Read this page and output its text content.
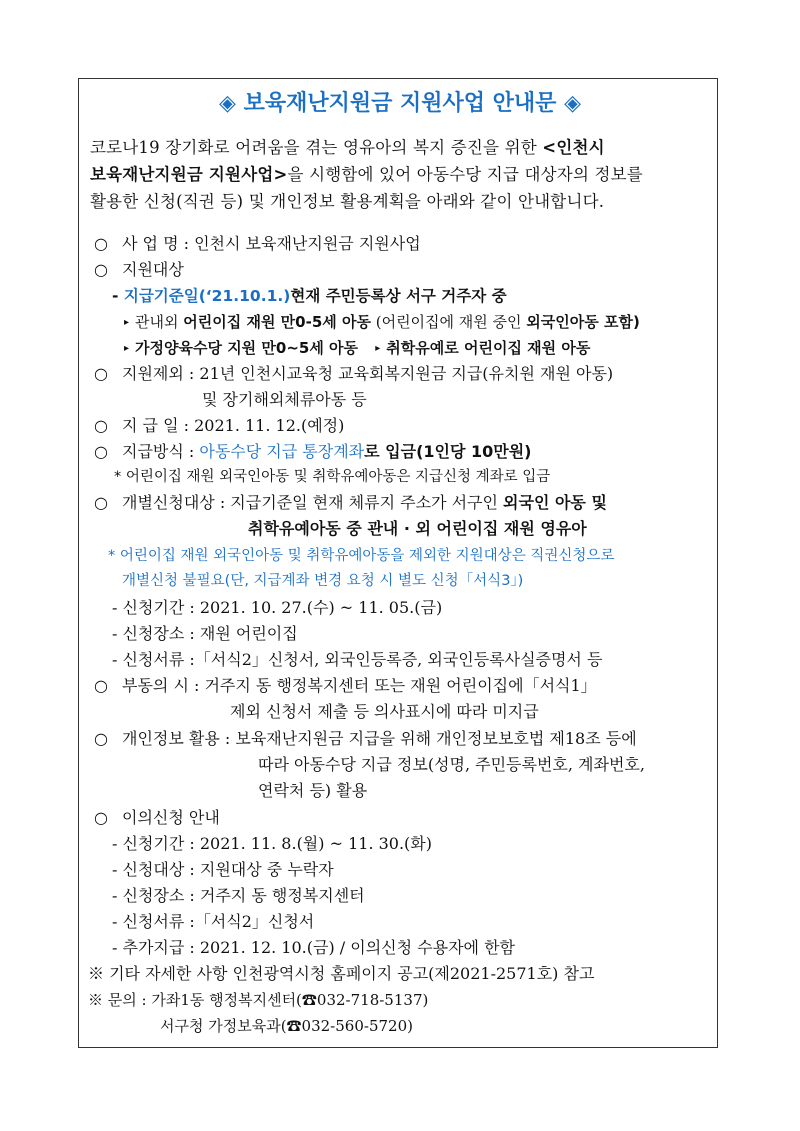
◈ 보육재난지원금 지원사업 안내문 ◈
코로나19 장기화로 어려움을 겪는 영유아의 복지 증진을 위한 <인천시
보육재난지원금 지원사업>을 시행함에 있어 아동수당 지급 대상자의 정보를
활용한 신청(직권 등) 및 개인정보 활용계획을 아래와 같이 안내합니다.
○ 사 업 명 : 인천시 보육재난지원금 지원사업
○ 지원대상
- 지급기준일(‘21.10.1.)현재 주민등록상 서구 거주자 중
▸ 관내외 어린이집 재원 만0-5세 아동 (어린이집에 재원 중인 외국인아동 포함)
▸ 가정양육수당 지원 만0~5세 아동 ▸ 취학유예로 어린이집 재원 아동
○ 지원제외 : 21년 인천시교육청 교육회복지원금 지급(유치원 재원 아동)
및 장기해외체류아동 등
○ 지 급 일 : 2021. 11. 12.(예정)
○ 지급방식 : 아동수당 지급 통장계좌로 입금(1인당 10만원)
* 어린이집 재원 외국인아동 및 취학유예아동은 지급신청 계좌로 입금
○ 개별신청대상 : 지급기준일 현재 체류지 주소가 서구인 외국인 아동 및
취학유예아동 중 관내 · 외 어린이집 재원 영유아
* 어린이집 재원 외국인아동 및 취학유예아동을 제외한 지원대상은 직권신청으로
개별신청 불필요(단, 지급계좌 변경 요청 시 별도 신청「서식3」)
- 신청기간 : 2021. 10. 27.(수) ~ 11. 05.(금)
- 신청장소 : 재원 어린이집
- 신청서류 :「서식2」신청서, 외국인등록증, 외국인등록사실증명서 등
○ 부동의 시 : 거주지 동 행정복지센터 또는 재원 어린이집에「서식1」
제외 신청서 제출 등 의사표시에 따라 미지급
○ 개인정보 활용 : 보육재난지원금 지급을 위해 개인정보보호법 제18조 등에
따라 아동수당 지급 정보(성명, 주민등록번호, 계좌번호,
연락처 등) 활용
○ 이의신청 안내
- 신청기간 : 2021. 11. 8.(월) ~ 11. 30.(화)
- 신청대상 : 지원대상 중 누락자
- 신청장소 : 거주지 동 행정복지센터
- 신청서류 :「서식2」신청서
- 추가지급 : 2021. 12. 10.(금) / 이의신청 수용자에 한함
※ 기타 자세한 사항 인천광역시청 홈페이지 공고(제2021-2571호) 참고
※ 문의 : 가좌1동 행정복지센터(☎032-718-5137)
서구청 가정보육과(☎032-560-5720)
